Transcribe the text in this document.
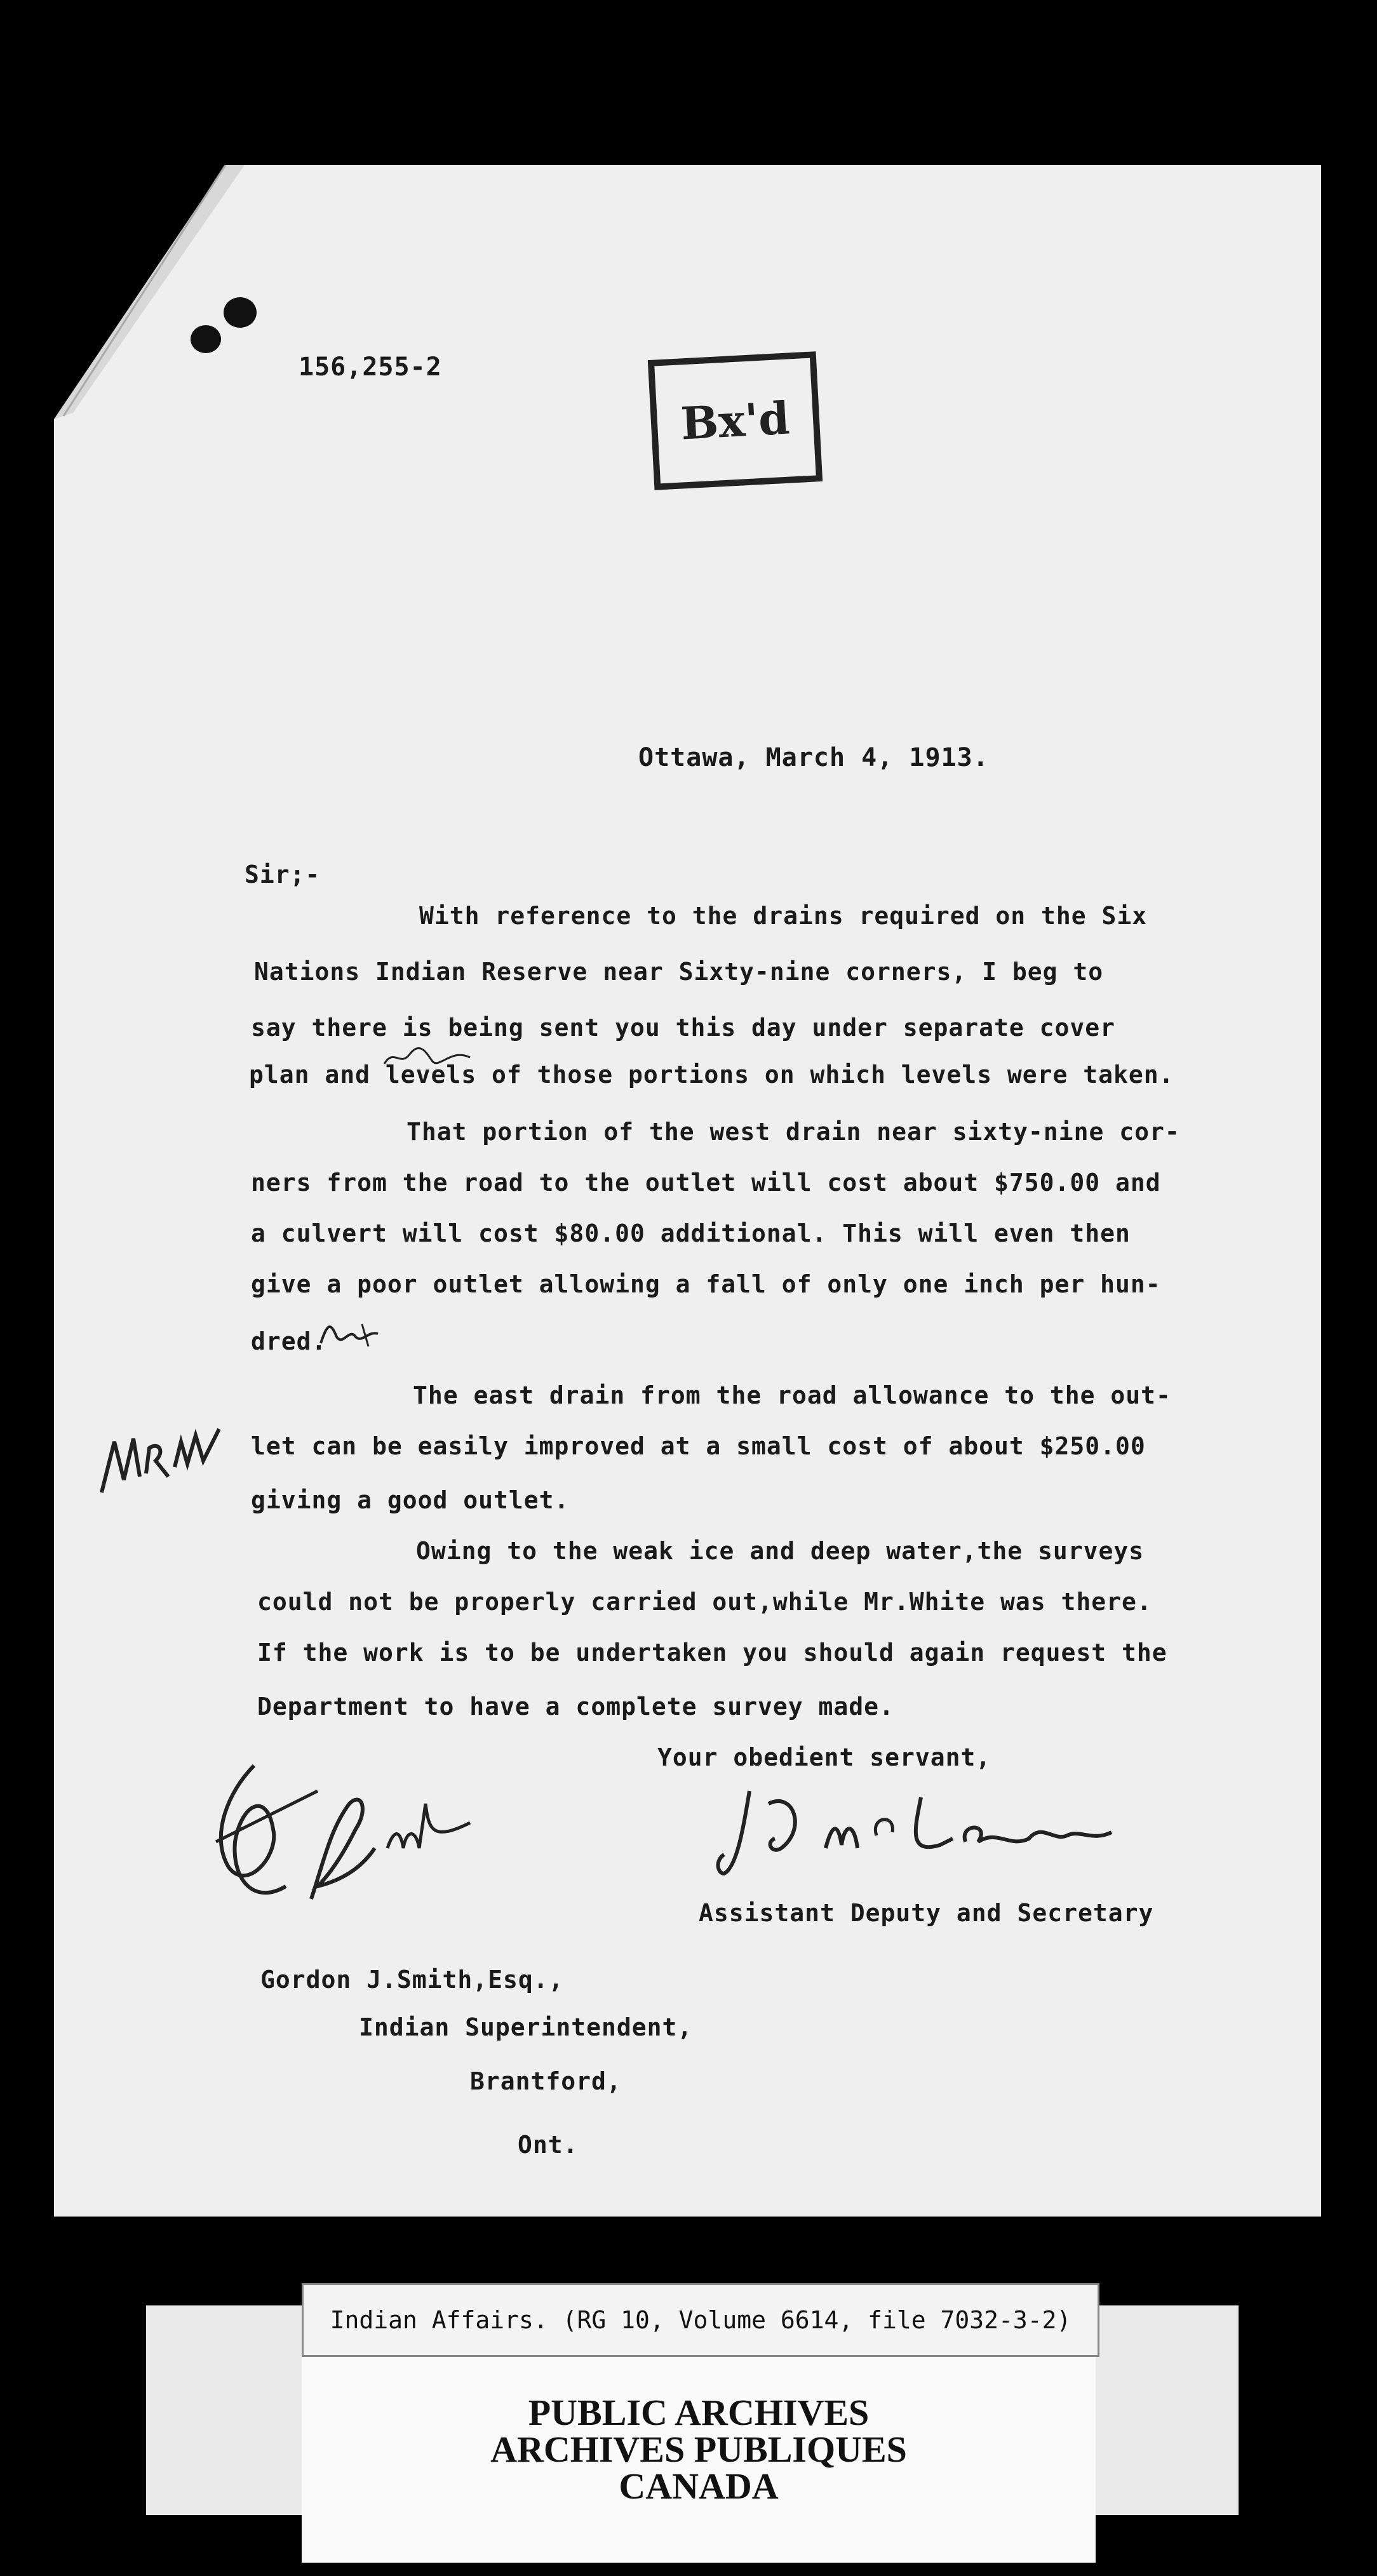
156,255-2
Bx'd
Ottawa, March 4, 1913.
Sir;-
With reference to the drains required on the Six
Nations Indian Reserve near Sixty-nine corners, I beg to
say there is being sent you this day under separate cover
plan and levels of those portions on which levels were taken.
That portion of the west drain near sixty-nine cor-
ners from the road to the outlet will cost about $750.00 and
a culvert will cost $80.00 additional. This will even then
give a poor outlet allowing a fall of only one inch per hun-
dred.
The east drain from the road allowance to the out-
let can be easily improved at a small cost of about $250.00
giving a good outlet.
Owing to the weak ice and deep water,the surveys
could not be properly carried out,while Mr.White was there.
If the work is to be undertaken you should again request the
Department to have a complete survey made.
Your obedient servant,
Assistant Deputy and Secretary
Gordon J.Smith,Esq.,
Indian Superintendent,
Brantford,
Ont.
Indian Affairs. (RG 10, Volume 6614, file 7032-3-2)
PUBLIC ARCHIVES
ARCHIVES PUBLIQUES
CANADA
